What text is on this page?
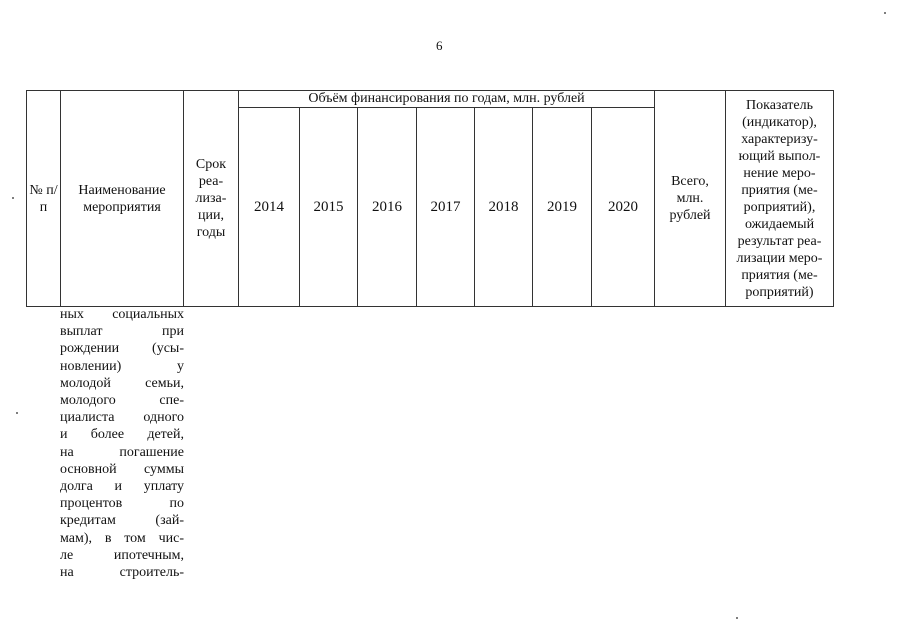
6
№ п/п	Наименование мероприятия	Срок реа-лиза-ции, годы	Объём финансирования по годам, млн. рублей							Всего, млн. рублей	Показатель (индикатор), характеризу-ющий выпол-нение меро-приятия (ме-роприятий), ожидаемый результат реа-лизации меро-приятия (ме-роприятий)
			2014	2015	2016	2017	2018	2019	2020		
ных социальных
выплат при
рождении (усы-
новлении) у
молодой семьи,
молодого спе-
циалиста одного
и более детей,
на погашение
основной суммы
долга и уплату
процентов по
кредитам (зай-
мам), в том чис-
ле ипотечным,
на строитель-
